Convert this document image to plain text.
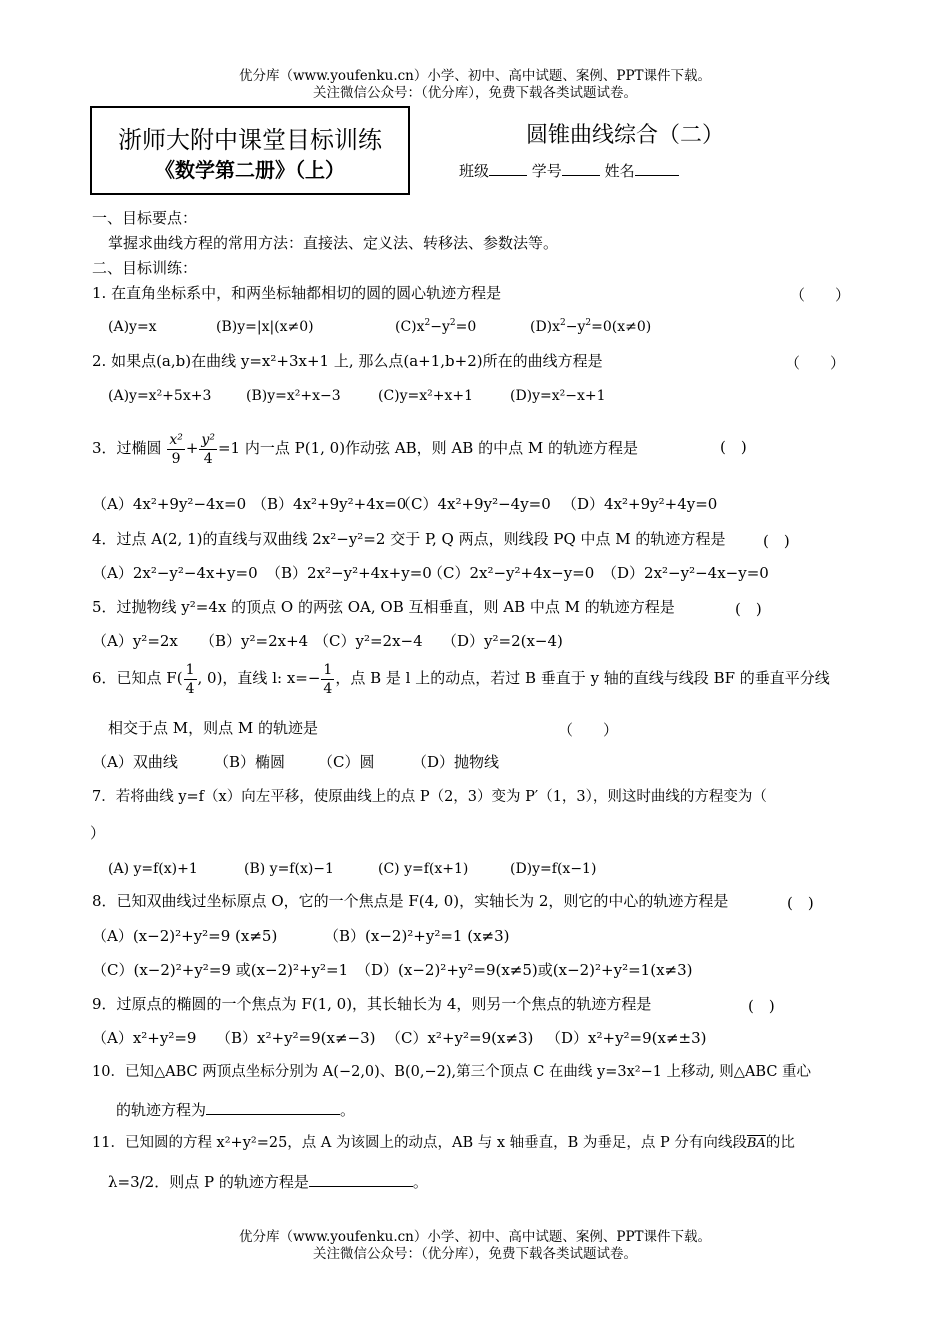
优分库（www.youfenku.cn）小学、初中、高中试题、案例、PPT课件下载。
关注微信公众号：（优分库），免费下载各类试题试卷。
浙师大附中课堂目标训练
《数学第二册》（上）
圆锥曲线综合（二）
班级	学号	姓名
一、目标要点：
掌握求曲线方程的常用方法：直接法、定义法、转移法、参数法等。
二、目标训练：
1. 在直角坐标系中，和两坐标轴都相切的圆的圆心轨迹方程是	（　　）
(A)y=x	(B)y=|x|(x≠0)	$(C)x^2-y^2=0$	$(D)x^2-y^2=0(x\ne 0)$
2. 如果点(a,b)在曲线 y=x²+3x+1 上, 那么点(a+1,b+2)所在的曲线方程是	（　　）
(A)y=x²+5x+3 (B)y=x²+x−3	(C)y=x²+x+1	(D)y=x²−x+1
3．过椭圆 $\frac{\text{x²}}{9} + \frac{\text{y²}}{4} =1$ 内一点 P(1, 0)作动弦 AB，则 AB 的中点 M 的轨迹方程是	(　)
（A）4x²+9y²−4x=0 （B）4x²+9y²+4x=0
（C）4x²+9y²−4y=0 （D）4x²+9y²+4y=0
4．过点 A(2, 1)的直线与双曲线 2x²−y²=2 交于 P, Q 两点，则线段 PQ 中点 M 的轨迹方程是	(　)
（A）2x²−y²−4x+y=0 （B）2x²−y²+4x+y=0
（C）2x²−y²+4x−y=0 （D）2x²−y²−4x−y=0
5．过抛物线 y²=4x 的顶点 O 的两弦 OA, OB 互相垂直，则 AB 中点 M 的轨迹方程是	(　)
（A）y²=2x （B）y²=2x+4 （C）y²=2x−4 （D）y²=2(x−4)
6．已知点 $F( \frac{1}{4}$ , 0)，直线 l: $x=- \frac{1}{4}$ ，点 B 是 l 上的动点，若过 B 垂直于 y 轴的直线与线段 BF 的垂直平分线
相交于点 M，则点 M 的轨迹是	（　　）
（A）双曲线 （B）椭圆 （C）圆	（D）抛物线
7．若将曲线 y=f（x）向左平移，使原曲线上的点 P（2，3）变为 P′（1，3），则这时曲线的方程变为（
）
(A) y=f(x)+1	(B) y=f(x)−1	(C) y=f(x+1)	(D)y=f(x−1)
8．已知双曲线过坐标原点 O，它的一个焦点是 F(4, 0)，实轴长为 2，则它的中心的轨迹方程是	(　)
（A）(x−2)²+y²=9 (x≠5)	（B）(x−2)²+y²=1 (x≠3)
（C）(x−2)²+y²=9 或(x−2)²+y²=1 （D）(x−2)²+y²=9(x≠5)或(x−2)²+y²=1(x≠3)
9．过原点的椭圆的一个焦点为 F(1, 0)，其长轴长为 4，则另一个焦点的轨迹方程是	(　)
（A）x²+y²=9 （B）x²+y²=9(x≠−3) （C）x²+y²=9(x≠3) （D）x²+y²=9(x≠±3)
10．已知△ABC 两顶点坐标分别为 A(−2,0)、B(0,−2),第三个顶点 C 在曲线 y=3x²−1 上移动, 则△ABC 重心
的轨迹方程为	。
11．已知圆的方程 x²+y²=25，点 A 为该圆上的动点，AB 与 x 轴垂直，B 为垂足，点 P 分有向线段$\overline{BA}$的比
λ=3/2．则点 P 的轨迹方程是	。
优分库（www.youfenku.cn）小学、初中、高中试题、案例、PPT课件下载。
关注微信公众号：（优分库），免费下载各类试题试卷。
